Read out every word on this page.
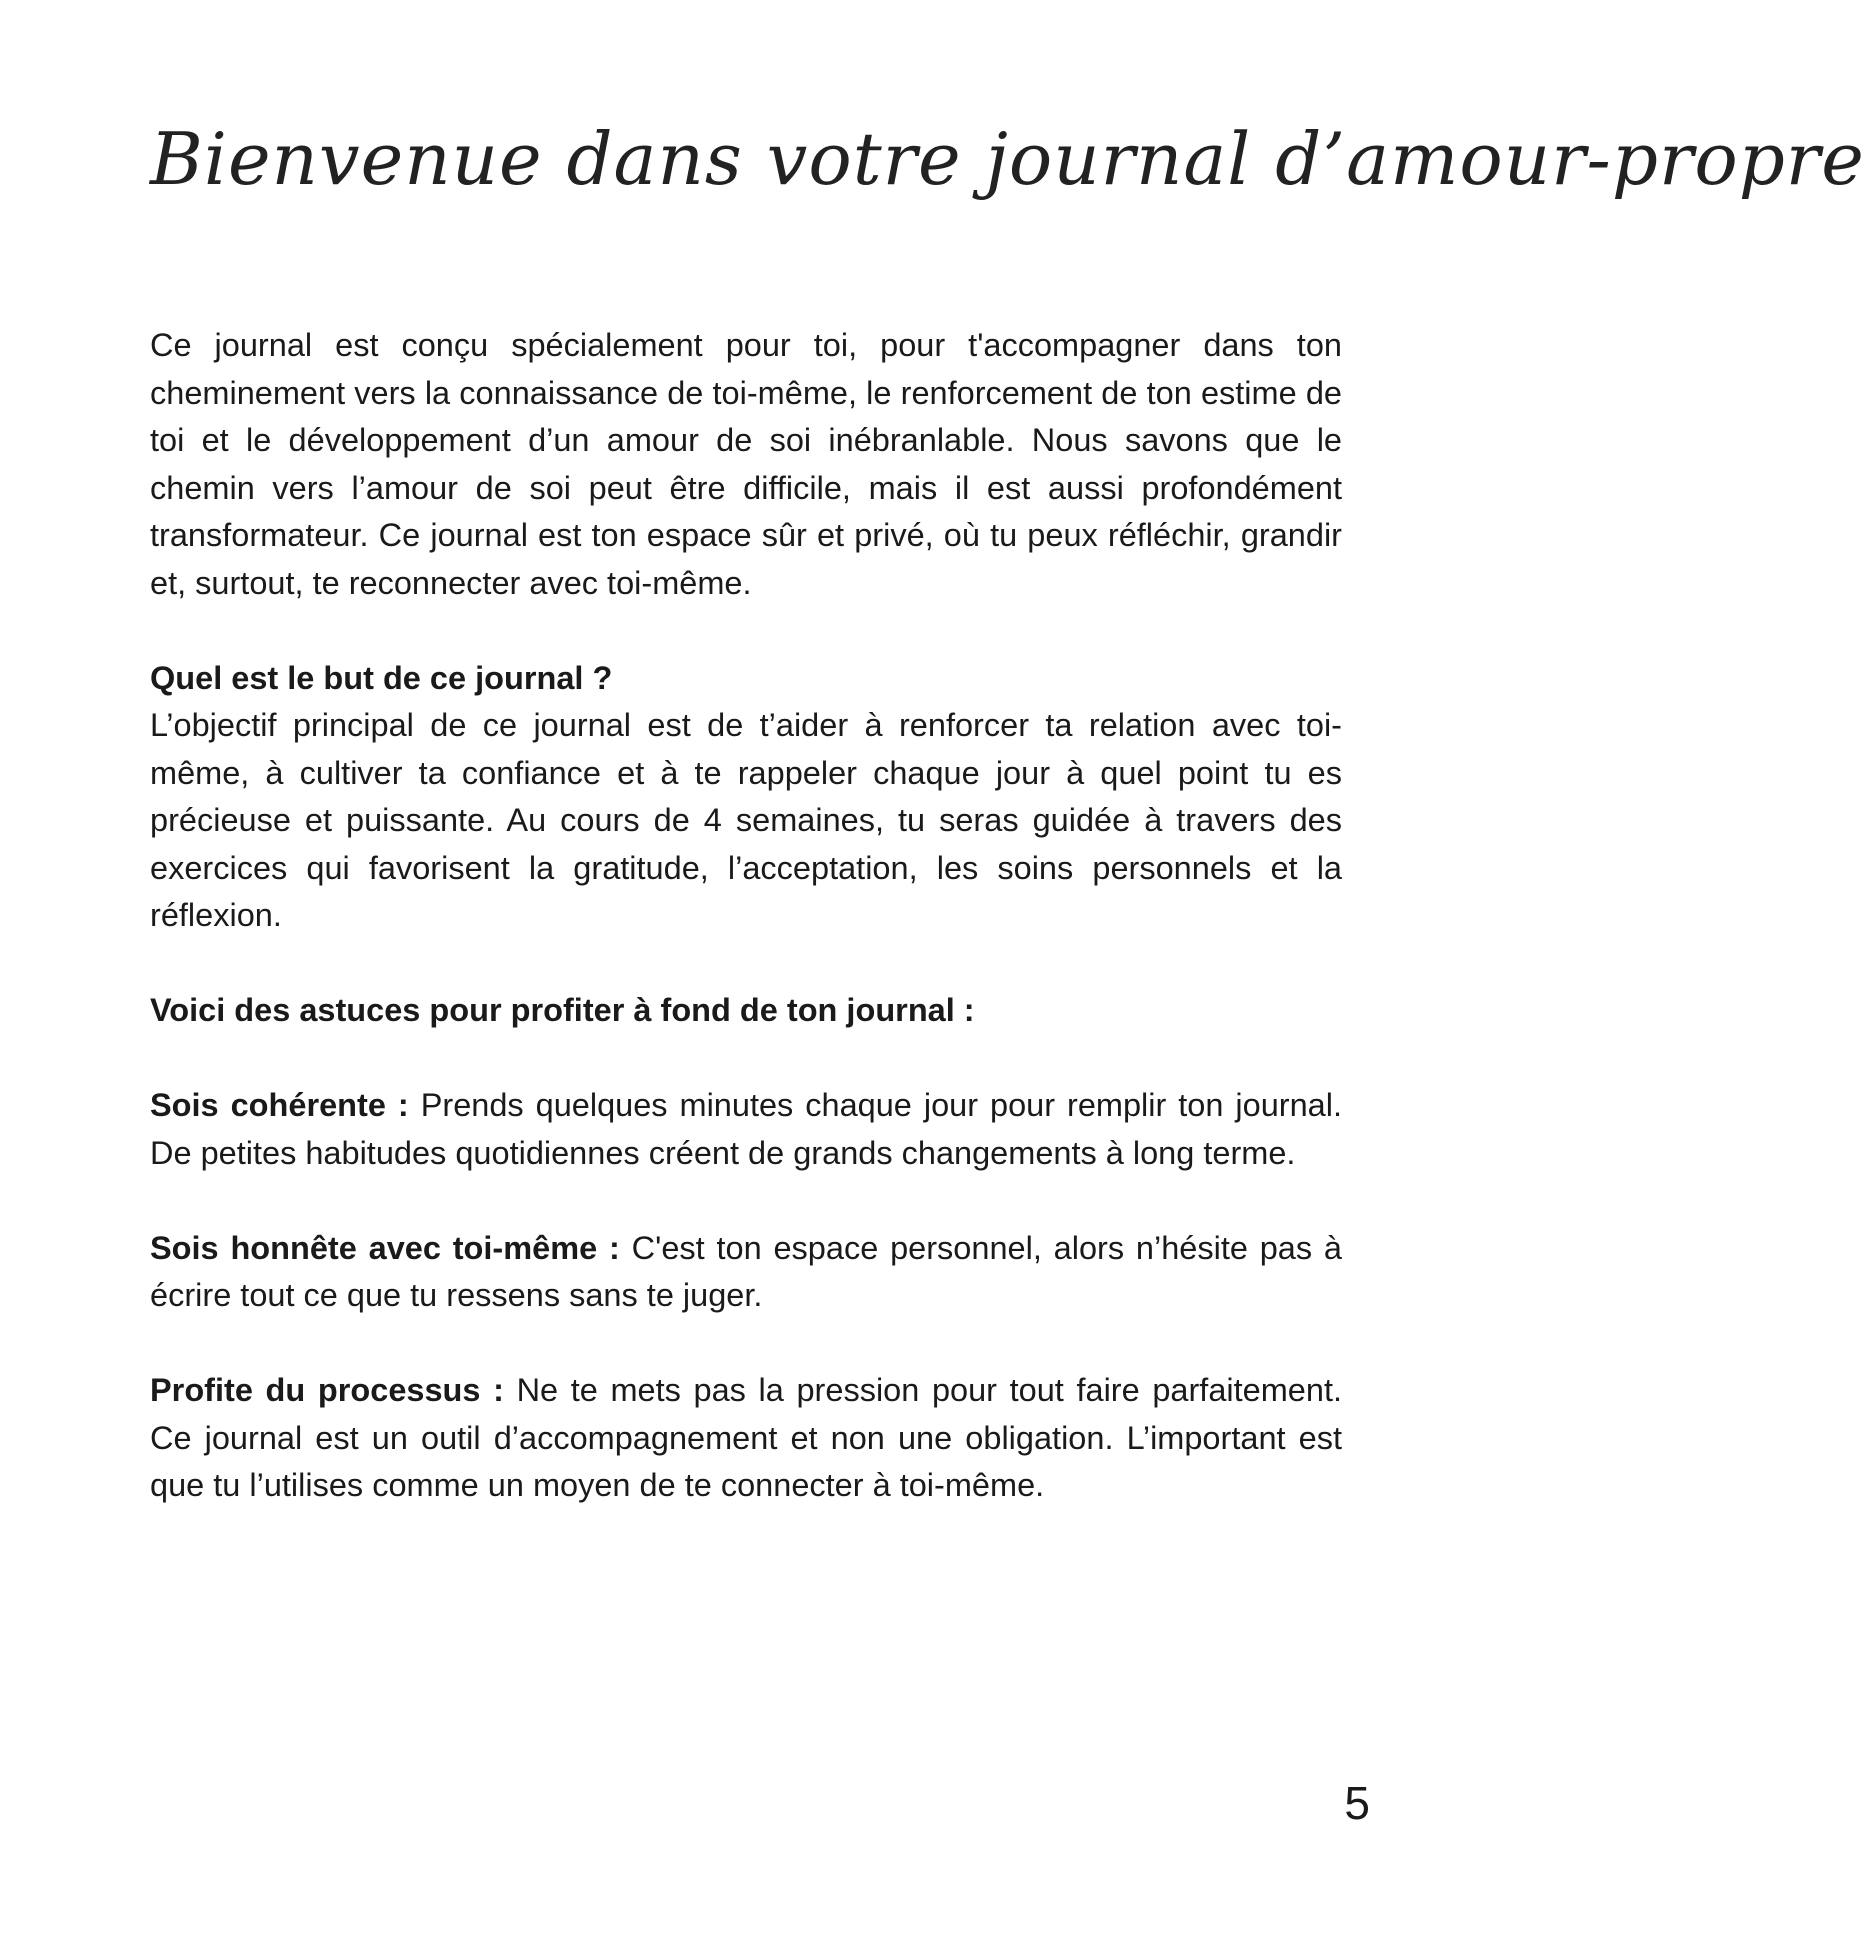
Bienvenue dans votre journal d’amour-propre

Ce journal est conçu spécialement pour toi, pour t'accompagner dans ton cheminement vers la connaissance de toi-même, le renforcement de ton estime de toi et le développement d’un amour de soi inébranlable. Nous savons que le chemin vers l’amour de soi peut être difficile, mais il est aussi profondément transformateur. Ce journal est ton espace sûr et privé, où tu peux réfléchir, grandir et, surtout, te reconnecter avec toi-même.

Quel est le but de ce journal ?

L’objectif principal de ce journal est de t’aider à renforcer ta relation avec toi-même, à cultiver ta confiance et à te rappeler chaque jour à quel point tu es précieuse et puissante. Au cours de 4 semaines, tu seras guidée à travers des exercices qui favorisent la gratitude, l’acceptation, les soins personnels et la réflexion.

Voici des astuces pour profiter à fond de ton journal :

Sois cohérente : Prends quelques minutes chaque jour pour remplir ton journal. De petites habitudes quotidiennes créent de grands changements à long terme.

Sois honnête avec toi-même : C'est ton espace personnel, alors n’hésite pas à écrire tout ce que tu ressens sans te juger.

Profite du processus : Ne te mets pas la pression pour tout faire parfaitement. Ce journal est un outil d’accompagnement et non une obligation. L’important est que tu l’utilises comme un moyen de te connecter à toi-même.

5
